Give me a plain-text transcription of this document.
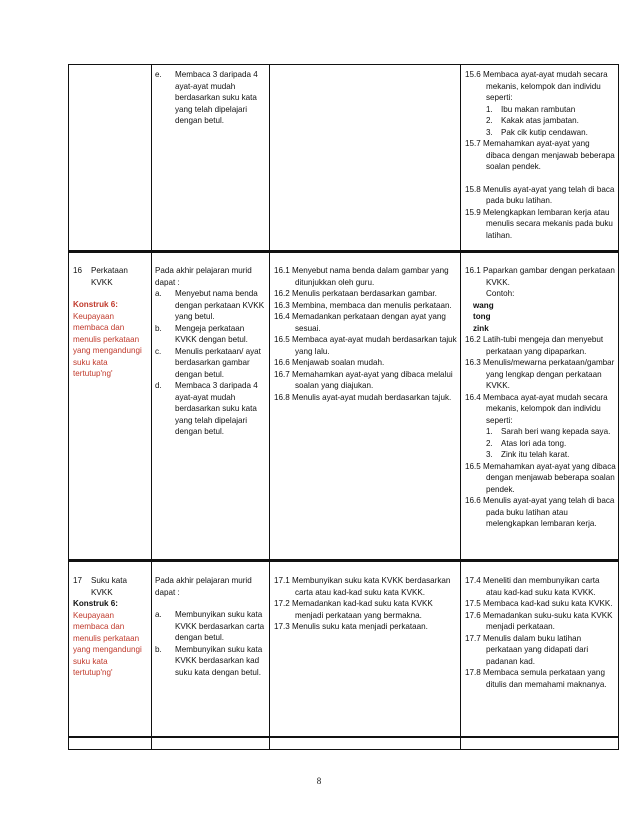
e. Membaca 3 daripada 4 ayat-ayat mudah berdasarkan suku kata yang telah dipelajari dengan betul.

15.6 Membaca ayat-ayat mudah secara mekanis, kelompok dan individu seperti:

1. Ibu makan rambutan
2. Kakak atas jambatan.
3. Pak cik kutip cendawan.

15.7 Memahamkan ayat-ayat yang dibaca dengan menjawab beberapa soalan pendek.

15.8 Menulis ayat-ayat yang telah di baca pada buku latihan.

15.9 Melengkapkan lembaran kerja atau menulis secara mekanis pada buku latihan.

16 Perkataan KVKK

Konstruk 6:

Keupayaan membaca dan menulis perkataan yang mengandungi suku kata tertutup'ng'

Pada akhir pelajaran murid dapat :

a. Menyebut nama benda dengan perkataan KVKK yang betul.
b. Mengeja perkataan KVKK dengan betul.
c. Menulis perkataan/ ayat berdasarkan gambar dengan betul.
d. Membaca 3 daripada 4 ayat-ayat mudah berdasarkan suku kata yang telah dipelajari dengan betul.

16.1 Menyebut nama benda dalam gambar yang ditunjukkan oleh guru.

16.2 Menulis perkataan berdasarkan gambar.

16.3 Membina, membaca dan menulis perkataan.

16.4 Memadankan perkataan dengan ayat yang sesuai.

16.5 Membaca ayat-ayat mudah berdasarkan tajuk yang lalu.

16.6 Menjawab soalan mudah.

16.7 Memahamkan ayat-ayat yang dibaca melalui soalan yang diajukan.

16.8 Menulis ayat-ayat mudah berdasarkan tajuk.

16.1 Paparkan gambar dengan perkataan KVKK.

Contoh:

wang

tong

zink

16.2 Latih-tubi mengeja dan menyebut perkataan yang dipaparkan.

16.3 Menulis/mewarna perkataan/gambar yang lengkap dengan perkataan KVKK.

16.4 Membaca ayat-ayat mudah secara mekanis, kelompok dan individu seperti:

1. Sarah beri wang kepada saya.
2. Atas lori ada tong.
3. Zink itu telah karat.

16.5 Memahamkan ayat-ayat yang dibaca dengan menjawab beberapa soalan pendek.

16.6 Menulis ayat-ayat yang telah di baca pada buku latihan atau melengkapkan lembaran kerja.

17 Suku kata KVKK

Konstruk 6:

Keupayaan membaca dan menulis perkataan yang mengandungi suku kata tertutup'ng'

Pada akhir pelajaran murid dapat :

a. Membunyikan suku kata KVKK berdasarkan carta dengan betul.
b. Membunyikan suku kata KVKK berdasarkan kad suku kata dengan betul.

17.1 Membunyikan suku kata KVKK berdasarkan carta atau kad-kad suku kata KVKK.

17.2 Memadankan kad-kad suku kata KVKK menjadi perkataan yang bermakna.

17.3 Menulis suku kata menjadi perkataan.

17.4 Meneliti dan membunyikan carta atau kad-kad suku kata KVKK.

17.5 Membaca kad-kad suku kata KVKK.

17.6 Memadankan suku-suku kata KVKK menjadi perkataan.

17.7 Menulis dalam buku latihan perkataan yang didapati dari padanan kad.

17.8 Membaca semula perkataan yang ditulis dan memahami maknanya.

8
